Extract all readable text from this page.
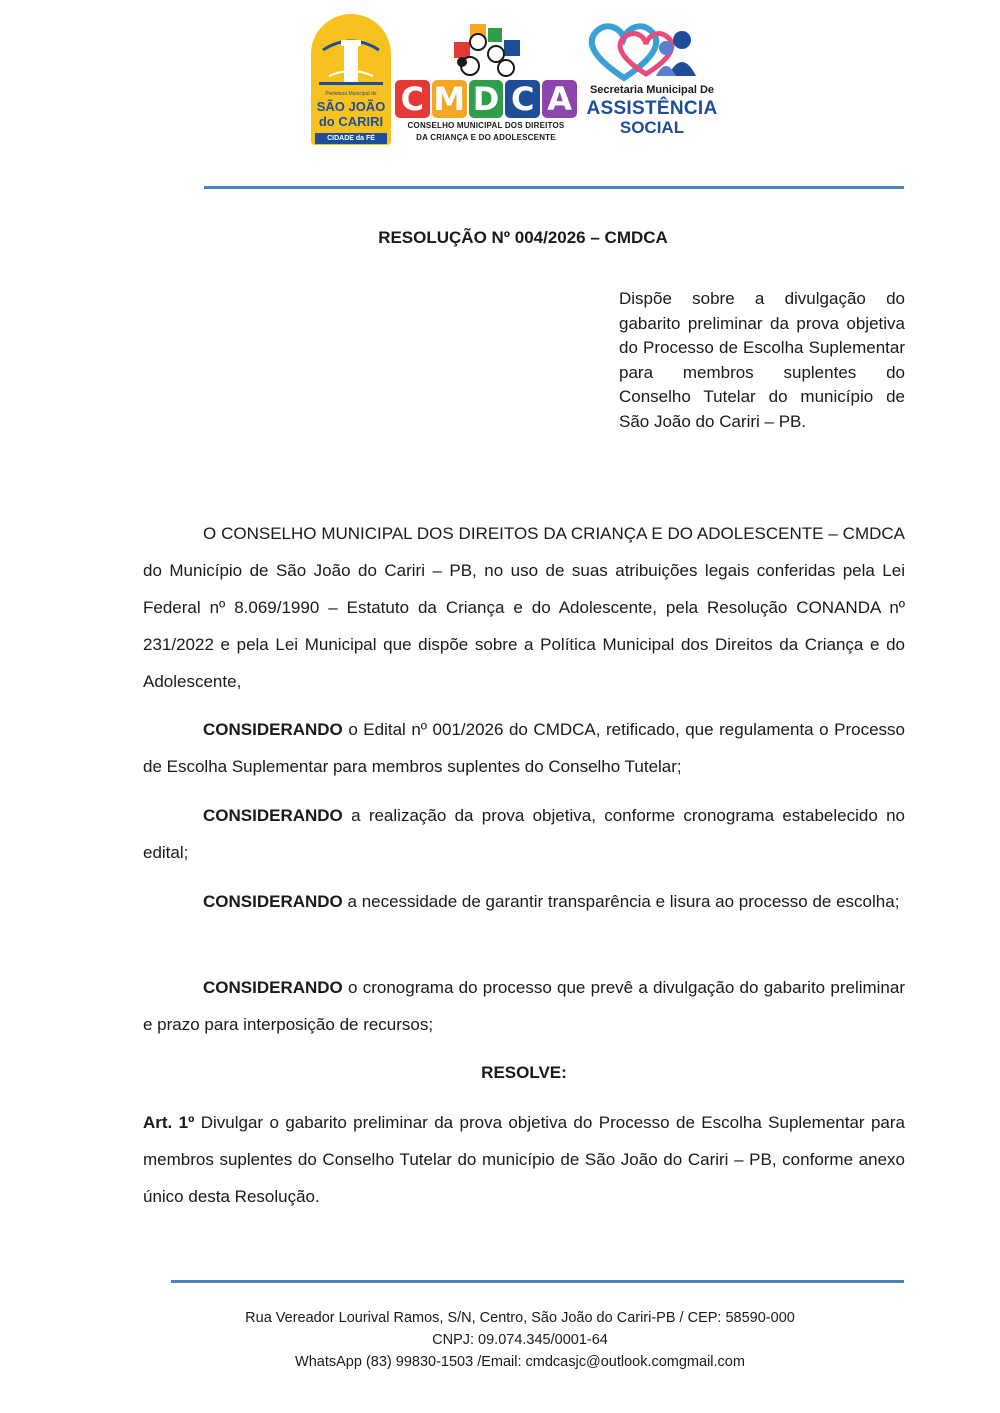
Prefeitura Municipal de
SÃO JOÃO
do CARIRI
CIDADE da FÉ
C M D C A
CONSELHO MUNICIPAL DOS DIREITOS
DA CRIANÇA E DO ADOLESCENTE
Secretaria Municipal De
ASSISTÊNCIA
SOCIAL
RESOLUÇÃO Nº 004/2026 – CMDCA
Dispõe sobre a divulgação do gabarito preliminar da prova objetiva do Processo de Escolha Suplementar para membros suplentes do Conselho Tutelar do município de São João do Cariri – PB.

O CONSELHO MUNICIPAL DOS DIREITOS DA CRIANÇA E DO ADOLESCENTE – CMDCA do Município de São João do Cariri – PB, no uso de suas atribuições legais conferidas pela Lei Federal nº 8.069/1990 – Estatuto da Criança e do Adolescente, pela Resolução CONANDA nº 231/2022 e pela Lei Municipal que dispõe sobre a Política Municipal dos Direitos da Criança e do Adolescente,

CONSIDERANDO o Edital nº 001/2026 do CMDCA, retificado, que regulamenta o Processo de Escolha Suplementar para membros suplentes do Conselho Tutelar;

CONSIDERANDO a realização da prova objetiva, conforme cronograma estabelecido no edital;

CONSIDERANDO a necessidade de garantir transparência e lisura ao processo de escolha;

CONSIDERANDO o cronograma do processo que prevê a divulgação do gabarito preliminar e prazo para interposição de recursos;

RESOLVE:

Art. 1º Divulgar o gabarito preliminar da prova objetiva do Processo de Escolha Suplementar para membros suplentes do Conselho Tutelar do município de São João do Cariri – PB, conforme anexo único desta Resolução.

Rua Vereador Lourival Ramos, S/N, Centro, São João do Cariri-PB / CEP: 58590-000
CNPJ: 09.074.345/0001-64
WhatsApp (83) 99830-1503 /Email: cmdcasjc@outlook.comgmail.com
